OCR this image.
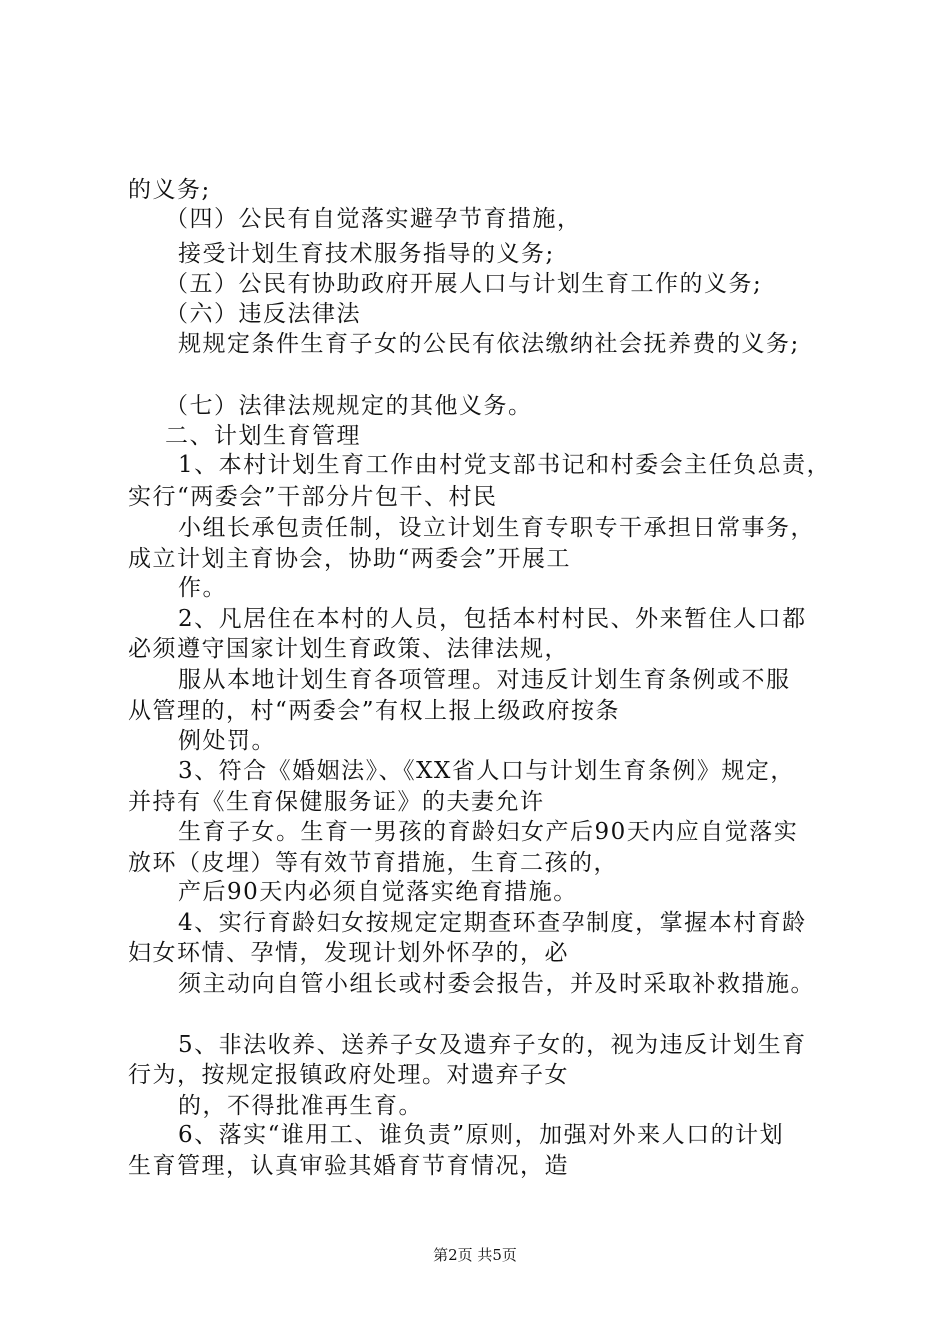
的义务;
（四）公民有自觉落实避孕节育措施，
接受计划生育技术服务指导的义务;
（五）公民有协助政府开展人口与计划生育工作的义务;
（六）违反法律法
规规定条件生育子女的公民有依法缴纳社会抚养费的义务;
（七）法律法规规定的其他义务。
二、计划生育管理
1、本村计划生育工作由村党支部书记和村委会主任负总责，
实行“两委会”干部分片包干、村民
小组长承包责任制，设立计划生育专职专干承担日常事务，
成立计划主育协会，协助“两委会”开展工
作。
2、凡居住在本村的人员，包括本村村民、外来暂住人口都
必须遵守国家计划生育政策、法律法规，
服从本地计划生育各项管理。对违反计划生育条例或不服
从管理的，村“两委会”有权上报上级政府按条
例处罚。
3、符合《婚姻法》、《XX省人口与计划生育条例》规定，
并持有《生育保健服务证》的夫妻允许
生育子女。生育一男孩的育龄妇女产后90天内应自觉落实
放环（皮埋）等有效节育措施，生育二孩的，
产后90天内必须自觉落实绝育措施。
4、实行育龄妇女按规定定期查环查孕制度，掌握本村育龄
妇女环情、孕情，发现计划外怀孕的，必
须主动向自管小组长或村委会报告，并及时采取补救措施。
5、非法收养、送养子女及遗弃子女的，视为违反计划生育
行为，按规定报镇政府处理。对遗弃子女
的，不得批准再生育。
6、落实“谁用工、谁负责”原则，加强对外来人口的计划
生育管理，认真审验其婚育节育情况，造
第2页 共5页
